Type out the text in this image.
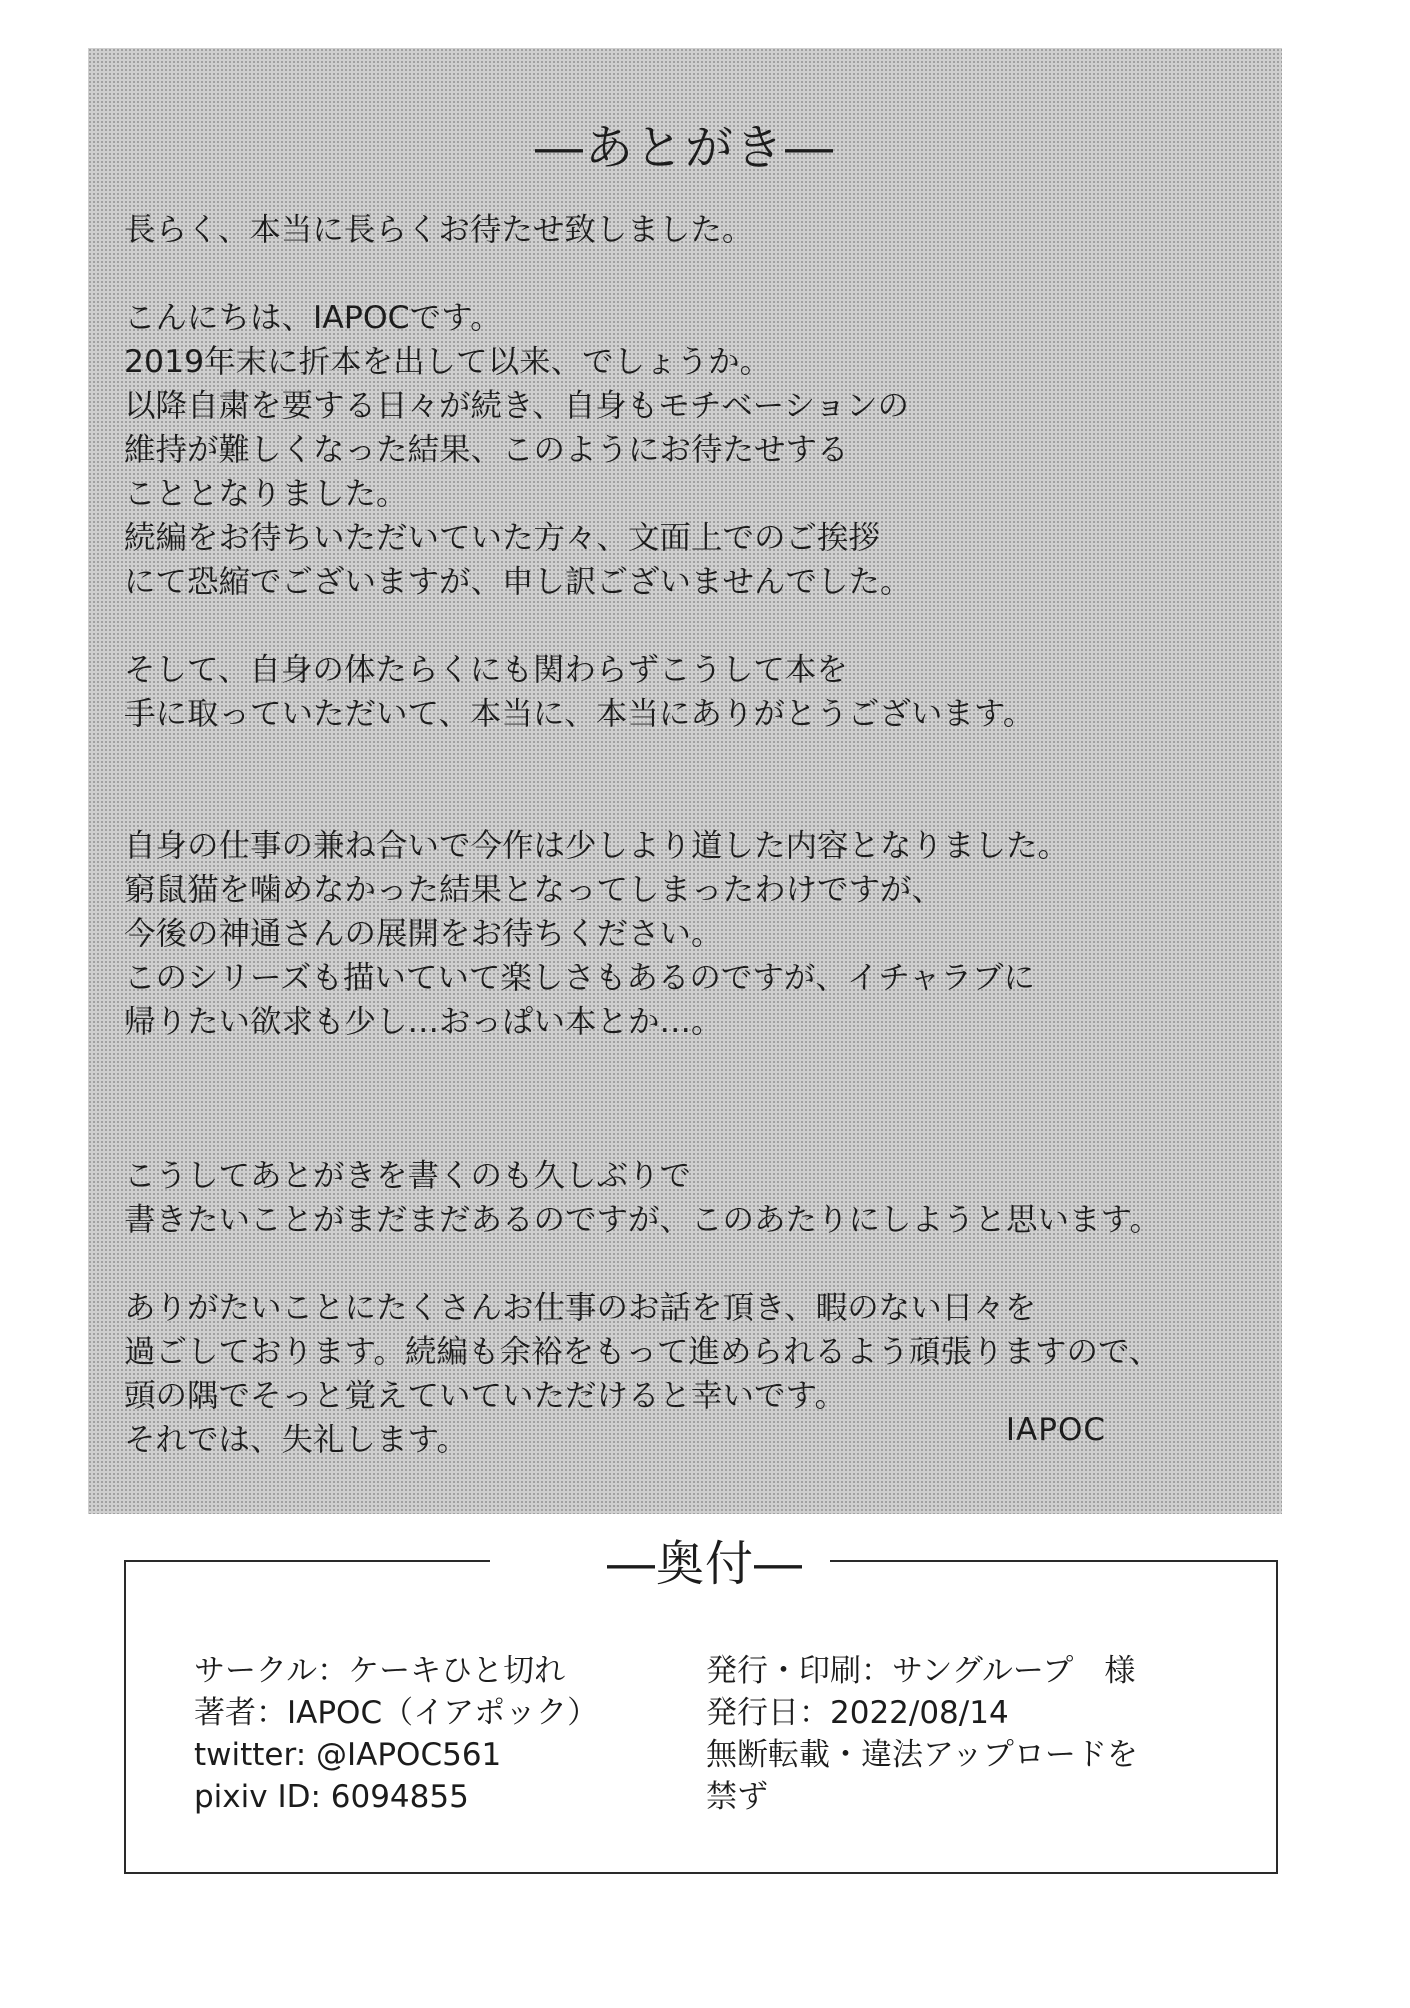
―あとがき―
長らく、本当に長らくお待たせ致しました。
こんにちは、IAPOCです。
2019年末に折本を出して以来、でしょうか。
以降自粛を要する日々が続き、自身もモチベーションの
維持が難しくなった結果、このようにお待たせする
こととなりました。
続編をお待ちいただいていた方々、文面上でのご挨拶
にて恐縮でございますが、申し訳ございませんでした。
そして、自身の体たらくにも関わらずこうして本を
手に取っていただいて、本当に、本当にありがとうございます。
自身の仕事の兼ね合いで今作は少しより道した内容となりました。
窮鼠猫を噛めなかった結果となってしまったわけですが、
今後の神通さんの展開をお待ちください。
このシリーズも描いていて楽しさもあるのですが、イチャラブに
帰りたい欲求も少し…おっぱい本とか…。
こうしてあとがきを書くのも久しぶりで
書きたいことがまだまだあるのですが、このあたりにしようと思います。
ありがたいことにたくさんお仕事のお話を頂き、暇のない日々を
過ごしております。続編も余裕をもって進められるよう頑張りますので、
頭の隅でそっと覚えていていただけると幸いです。
それでは、失礼します。	IAPOC
―奥付―
サークル：ケーキひと切れ
著者：IAPOC（イアポック）
twitter: @IAPOC561
pixiv ID: 6094855
発行・印刷：サングループ　様
発行日：2022/08/14
無断転載・違法アップロードを
禁ず
